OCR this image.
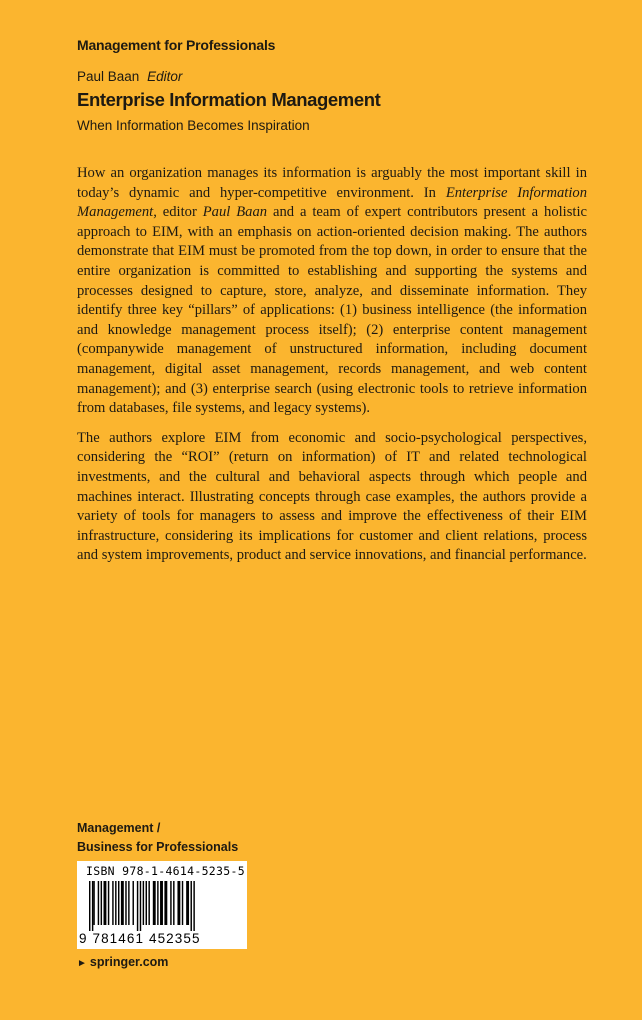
Management for Professionals
Paul Baan Editor
Enterprise Information Management
When Information Becomes Inspiration

How an organization manages its information is arguably the most important skill in today’s dynamic and hyper-competitive environment. In Enterprise Information Management, editor Paul Baan and a team of expert contributors present a holistic approach to EIM, with an emphasis on action-oriented decision making. The authors demonstrate that EIM must be promoted from the top down, in order to ensure that the entire organization is committed to establishing and supporting the systems and processes designed to capture, store, analyze, and disseminate information. They identify three key “pillars” of applications: (1) business intelligence (the information and knowledge management process itself); (2) enterprise content management (companywide management of unstructured information, including document management, digital asset management, records management, and web content management); and (3) enterprise search (using electronic tools to retrieve information from databases, file systems, and legacy systems).

The authors explore EIM from economic and socio-psychological perspectives, considering the “ROI” (return on information) of IT and related technological investments, and the cultural and behavioral aspects through which people and machines interact. Illustrating concepts through case examples, the authors provide a variety of tools for managers to assess and improve the effectiveness of their EIM infrastructure, considering its implications for customer and client relations, process and system improvements, product and service innovations, and financial performance.

Management /
Business for Professionals
ISBN 978-1-4614-5235-5
9 781461 452355
► springer.com
